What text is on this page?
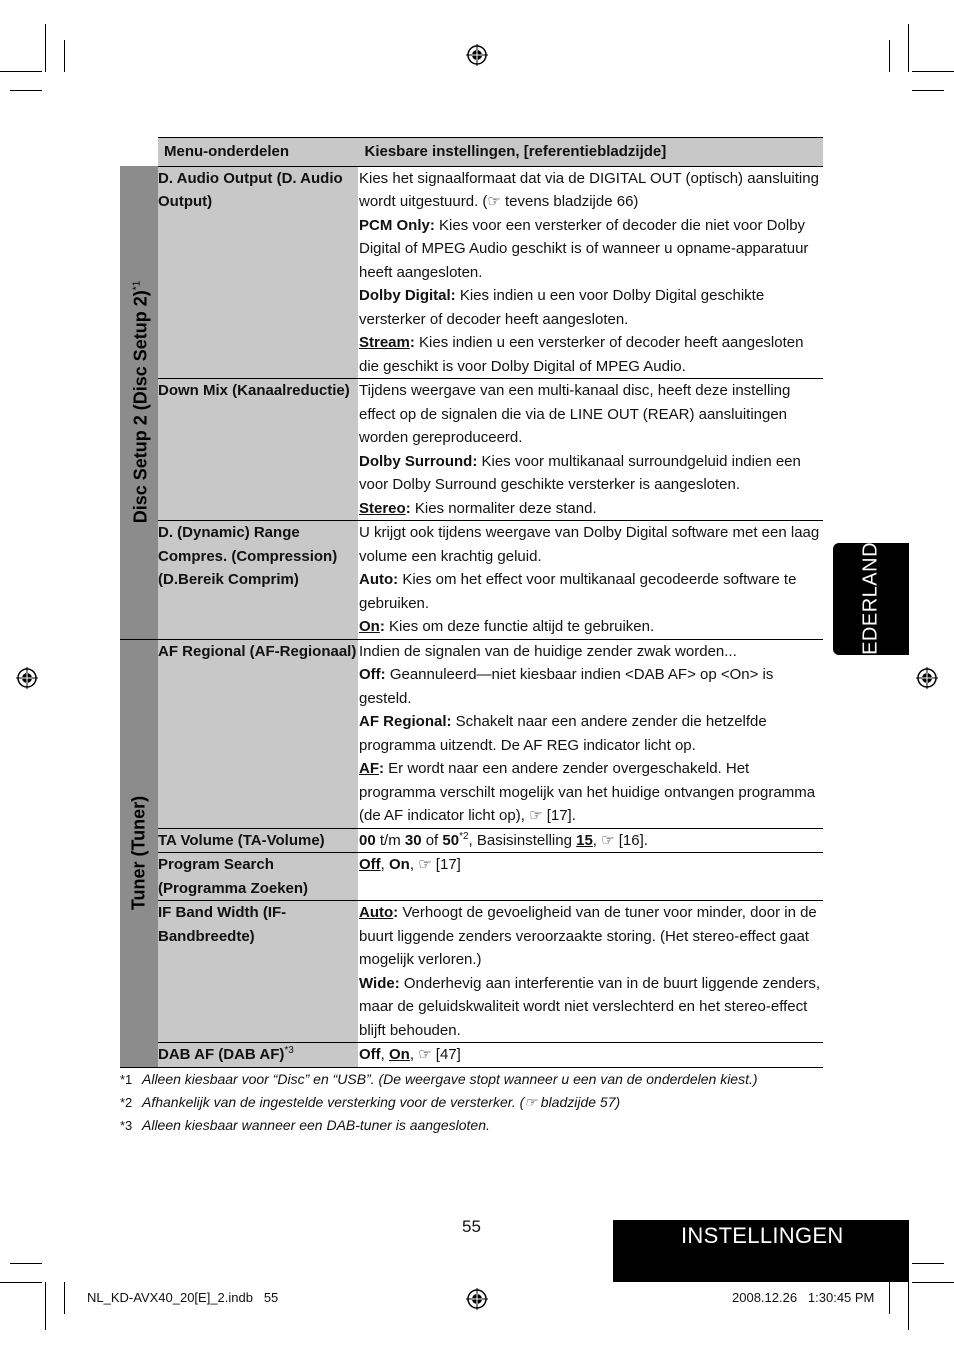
	Menu-onderdelen	Kiesbare instellingen, [referentiebladzijde]

Disc Setup 2 (Disc Setup 2)$^{*1}$	D. Audio Output (D. Audio Output)	Kies het signaalformaat dat via de DIGITAL OUT (optisch) aansluiting wordt uitgestuurd. (☞ tevens bladzijde 66)

PCM Only: Kies voor een versterker of decoder die niet voor Dolby Digital of MPEG Audio geschikt is of wanneer u opname-apparatuur heeft aangesloten.

Dolby Digital: Kies indien u een voor Dolby Digital geschikte versterker of decoder heeft aangesloten.

Stream: Kies indien u een versterker of decoder heeft aangesloten die geschikt is voor Dolby Digital of MPEG Audio.

	Down Mix (Kanaalreductie)	Tijdens weergave van een multi-kanaal disc, heeft deze instelling effect op de signalen die via de LINE OUT (REAR) aansluitingen worden gereproduceerd.

Dolby Surround: Kies voor multikanaal surroundgeluid indien een voor Dolby Surround geschikte versterker is aangesloten.

Stereo: Kies normaliter deze stand.

	D. (Dynamic) Range Compres. (Compression) (D.Bereik Comprim)	U krijgt ook tijdens weergave van Dolby Digital software met een laag volume een krachtig geluid.

Auto: Kies om het effect voor multikanaal gecodeerde software te gebruiken.

On: Kies om deze functie altijd te gebruiken.

Tuner (Tuner)	AF Regional (AF-Regionaal)	Indien de signalen van de huidige zender zwak worden...

Off: Geannuleerd—niet kiesbaar indien <DAB AF> op <On> is gesteld.

AF Regional: Schakelt naar een andere zender die hetzelfde programma uitzendt. De AF REG indicator licht op.

AF: Er wordt naar een andere zender overgeschakeld. Het programma verschilt mogelijk van het huidige ontvangen programma (de AF indicator licht op), ☞ [17].

	TA Volume (TA-Volume)	00 t/m 30 of 50$^{*2}$, Basisinstelling 15, ☞ [16].

	Program Search (Programma Zoeken)	Off, On, ☞ [17]

	IF Band Width (IF-Bandbreedte)	Auto: Verhoogt de gevoeligheid van de tuner voor minder, door in de buurt liggende zenders veroorzaakte storing. (Het stereo-effect gaat mogelijk verloren.)

Wide: Onderhevig aan interferentie van in de buurt liggende zenders, maar de geluidskwaliteit wordt niet verslechterd en het stereo-effect blijft behouden.

	DAB AF (DAB AF)$^{*3}$	Off, On, ☞ [47]

NEDERLANDS
*1 Alleen kiesbaar voor “Disc” en “USB”. (De weergave stopt wanneer u een van de onderdelen kiest.)
*2 Afhankelijk van de ingestelde versterking voor de versterker. (☞ bladzijde 57)
*3 Alleen kiesbaar wanneer een DAB-tuner is aangesloten.
55	INSTELLINGEN
NL_KD-AVX40_20[E]_2.indb   55	2008.12.26   1:30:45 PM
